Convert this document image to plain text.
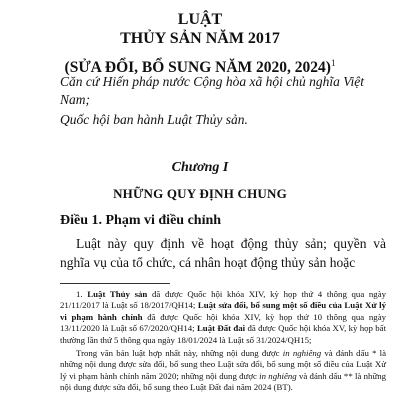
LUẬT
THỦY SẢN NĂM 2017
(SỬA ĐỔI, BỔ SUNG NĂM 2020, 2024)$^1$
Căn cứ Hiến pháp nước Cộng hòa xã hội chủ nghĩa Việt Nam;
Quốc hội ban hành Luật Thủy sản.
Chương I
NHỮNG QUY ĐỊNH CHUNG
Điều 1. Phạm vi điều chỉnh
Luật này quy định về hoạt động thủy sản; quyền và nghĩa vụ của tổ chức, cá nhân hoạt động thủy sản hoặc
1. Luật Thủy sản đã được Quốc hội khóa XIV, kỳ họp thứ 4 thông qua ngày 21/11/2017 là Luật số 18/2017/QH14; Luật sửa đổi, bổ sung một số điều của Luật Xử lý vi phạm hành chính đã được Quốc hội khóa XIV, kỳ họp thứ 10 thông qua ngày 13/11/2020 là Luật số 67/2020/QH14; Luật Đất đai đã được Quốc hội khóa XV, kỳ họp bất thường lần thứ 5 thông qua ngày 18/01/2024 là Luật số 31/2024/QH15;
Trong văn bản luật hợp nhất này, những nội dung được in nghiêng và đánh dấu * là những nội dung được sửa đổi, bổ sung theo Luật sửa đổi, bổ sung một số điều của Luật Xử lý vi phạm hành chính năm 2020; những nội dung được in nghiêng và đánh dấu ** là những nội dung được sửa đổi, bổ sung theo Luật Đất đai năm 2024 (BT).
